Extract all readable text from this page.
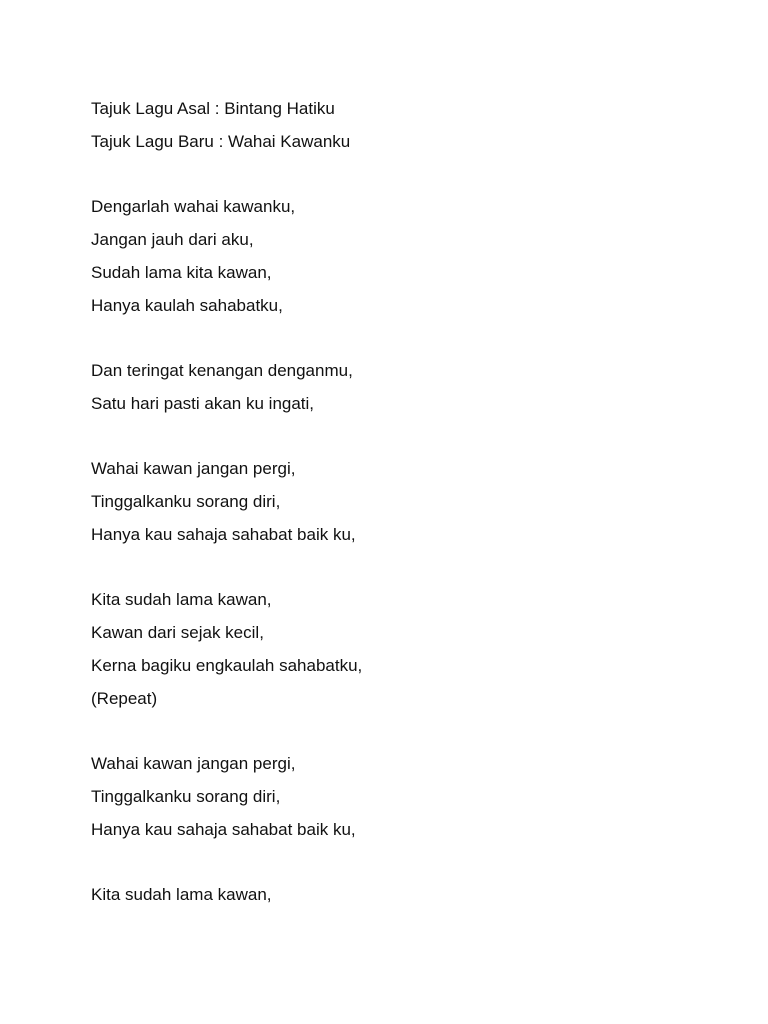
Tajuk Lagu Asal : Bintang Hatiku
Tajuk Lagu Baru : Wahai Kawanku
Dengarlah wahai kawanku,
Jangan jauh dari aku,
Sudah lama kita kawan,
Hanya kaulah sahabatku,
Dan teringat kenangan denganmu,
Satu hari pasti akan ku ingati,
Wahai kawan jangan pergi,
Tinggalkanku sorang diri,
Hanya kau sahaja sahabat baik ku,
Kita sudah lama kawan,
Kawan dari sejak kecil,
Kerna bagiku engkaulah sahabatku,
(Repeat)
Wahai kawan jangan pergi,
Tinggalkanku sorang diri,
Hanya kau sahaja sahabat baik ku,
Kita sudah lama kawan,
